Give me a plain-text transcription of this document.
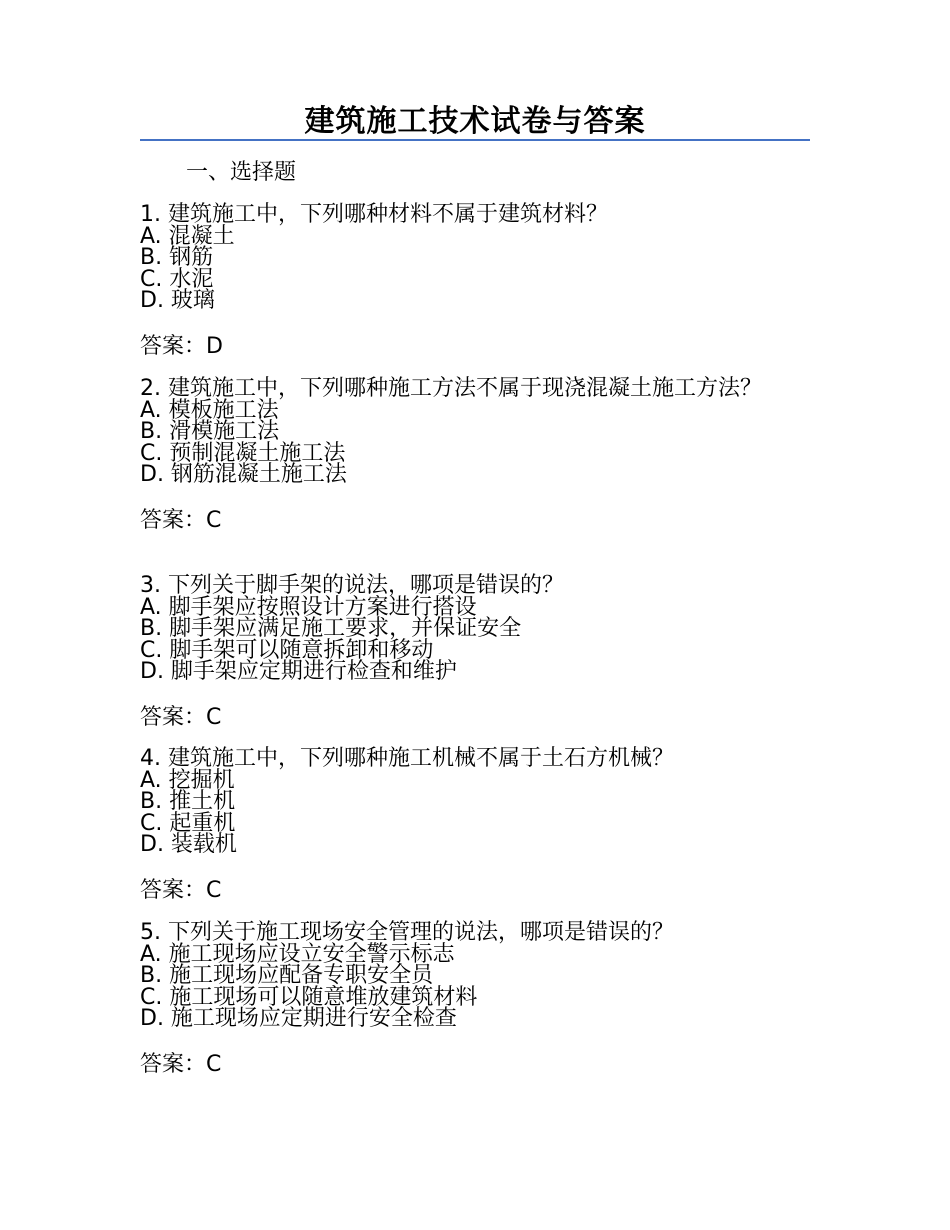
建筑施工技术试卷与答案
一、选择题
1. 建筑施工中，下列哪种材料不属于建筑材料？
A. 混凝土
B. 钢筋
C. 水泥
D. 玻璃
答案：D
2. 建筑施工中，下列哪种施工方法不属于现浇混凝土施工方法？
A. 模板施工法
B. 滑模施工法
C. 预制混凝土施工法
D. 钢筋混凝土施工法
答案：C
3. 下列关于脚手架的说法，哪项是错误的？
A. 脚手架应按照设计方案进行搭设
B. 脚手架应满足施工要求，并保证安全
C. 脚手架可以随意拆卸和移动
D. 脚手架应定期进行检查和维护
答案：C
4. 建筑施工中，下列哪种施工机械不属于土石方机械？
A. 挖掘机
B. 推土机
C. 起重机
D. 装载机
答案：C
5. 下列关于施工现场安全管理的说法，哪项是错误的？
A. 施工现场应设立安全警示标志
B. 施工现场应配备专职安全员
C. 施工现场可以随意堆放建筑材料
D. 施工现场应定期进行安全检查
答案：C
